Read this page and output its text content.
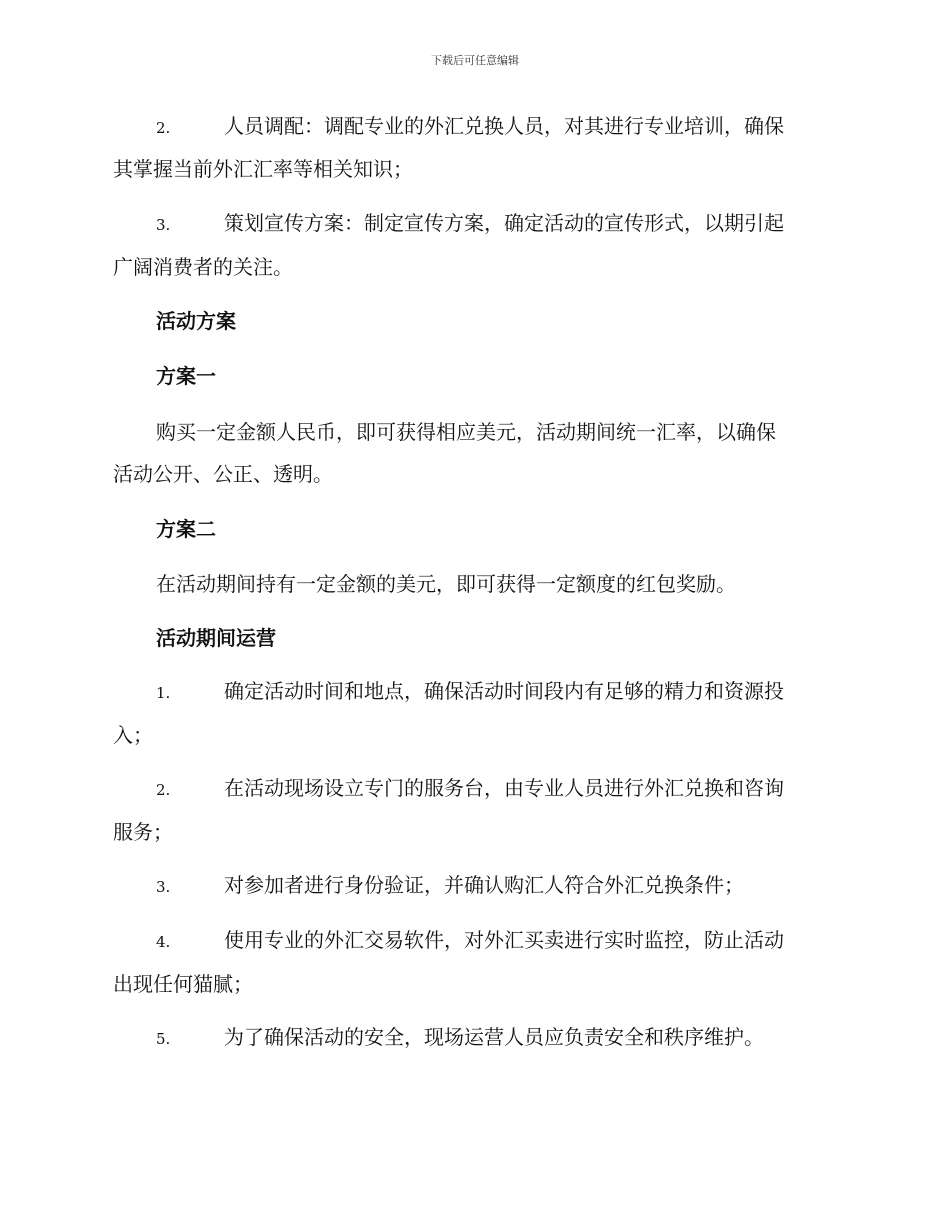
下载后可任意编辑
2.	人员调配：调配专业的外汇兑换人员，对其进行专业培训，确保
其掌握当前外汇汇率等相关知识；
3.	策划宣传方案：制定宣传方案，确定活动的宣传形式，以期引起
广阔消费者的关注。
活动方案
方案一
购买一定金额人民币，即可获得相应美元，活动期间统一汇率，以确保
活动公开、公正、透明。
方案二
在活动期间持有一定金额的美元，即可获得一定额度的红包奖励。
活动期间运营
1.	确定活动时间和地点，确保活动时间段内有足够的精力和资源投
入；
2.	在活动现场设立专门的服务台，由专业人员进行外汇兑换和咨询
服务；
3.	对参加者进行身份验证，并确认购汇人符合外汇兑换条件；
4.	使用专业的外汇交易软件，对外汇买卖进行实时监控，防止活动
出现任何猫腻；
5.	为了确保活动的安全，现场运营人员应负责安全和秩序维护。
